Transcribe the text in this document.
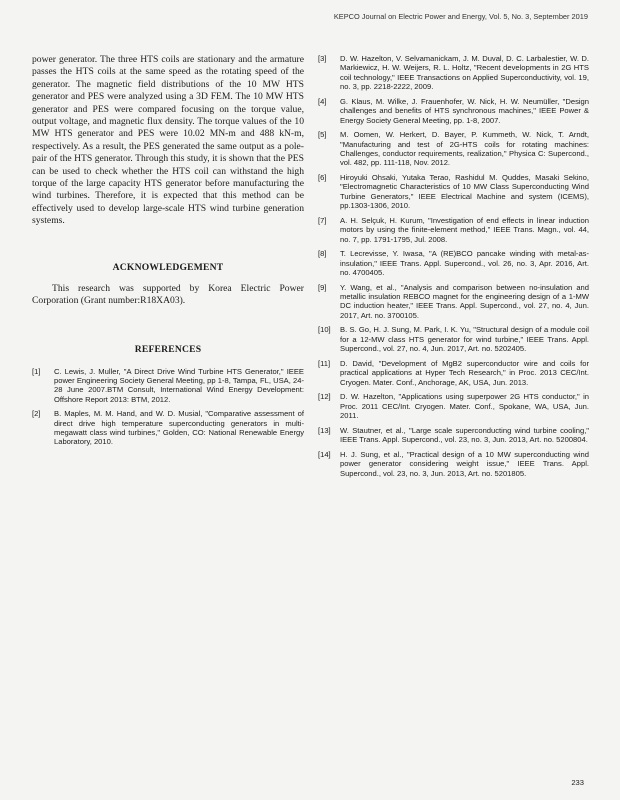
KEPCO Journal on Electric Power and Energy, Vol. 5, No. 3, September 2019

power generator. The three HTS coils are stationary and the armature passes the HTS coils at the same speed as the rotating speed of the generator. The magnetic field distributions of the 10 MW HTS generator and PES were analyzed using a 3D FEM. The 10 MW HTS generator and PES were compared focusing on the torque value, output voltage, and magnetic flux density. The torque values of the 10 MW HTS generator and PES were 10.02 MN-m and 488 kN-m, respectively. As a result, the PES generated the same output as a pole-pair of the HTS generator. Through this study, it is shown that the PES can be used to check whether the HTS coil can withstand the high torque of the large capacity HTS generator before manufacturing the wind turbines. Therefore, it is expected that this method can be effectively used to develop large-scale HTS wind turbine generation systems.

ACKNOWLEDGEMENT

This research was supported by Korea Electric Power Corporation (Grant number:R18XA03).

REFERENCES
[1]	C. Lewis, J. Muller, "A Direct Drive Wind Turbine HTS Generator," IEEE power Engineering Society General Meeting, pp 1-8, Tampa, FL, USA, 24-28 June 2007.BTM Consult, International Wind Energy Development: Offshore Report 2013: BTM, 2012.
[2]	B. Maples, M. M. Hand, and W. D. Musial, "Comparative assessment of direct drive high temperature superconducting generators in multi-megawatt class wind turbines," Golden, CO: National Renewable Energy Laboratory, 2010.
[3]	D. W. Hazelton, V. Selvamanickam, J. M. Duval, D. C. Larbalestier, W. D. Markiewicz, H. W. Weijers, R. L. Holtz, "Recent developments in 2G HTS coil technology," IEEE Transactions on Applied Superconductivity, vol. 19, no. 3, pp. 2218-2222, 2009.
[4]	G. Klaus, M. Wilke, J. Frauenhofer, W. Nick, H. W. Neumüller, "Design challenges and benefits of HTS synchronous machines," IEEE Power & Energy Society General Meeting, pp. 1-8, 2007.
[5]	M. Oomen, W. Herkert, D. Bayer, P. Kummeth, W. Nick, T. Arndt, "Manufacturing and test of 2G-HTS coils for rotating machines: Challenges, conductor requirements, realization," Physica C: Supercond., vol. 482, pp. 111-118, Nov. 2012.
[6]	Hiroyuki Ohsaki, Yutaka Terao, Rashidul M. Quddes, Masaki Sekino, "Electromagnetic Characteristics of 10 MW Class Superconducting Wind Turbine Generators," IEEE Electrical Machine and system (ICEMS), pp.1303-1306, 2010.
[7]	A. H. Selçuk, H. Kurum, "Investigation of end effects in linear induction motors by using the finite-element method," IEEE Trans. Magn., vol. 44, no. 7, pp. 1791-1795, Jul. 2008.
[8]	T. Lecrevisse, Y. Iwasa, "A (RE)BCO pancake winding with metal-as-insulation," IEEE Trans. Appl. Supercond., vol. 26, no. 3, Apr. 2016, Art. no. 4700405.
[9]	Y. Wang, et al., "Analysis and comparison between no-insulation and metallic insulation REBCO magnet for the engineering design of a 1-MW DC induction heater," IEEE Trans. Appl. Supercond., vol. 27, no. 4, Jun. 2017, Art. no. 3700105.
[10]	B. S. Go, H. J. Sung, M. Park, I. K. Yu, "Structural design of a module coil for a 12-MW class HTS generator for wind turbine," IEEE Trans. Appl. Supercond., vol. 27, no. 4, Jun. 2017, Art. no. 5202405.
[11]	D. David, "Development of MgB2 superconductor wire and coils for practical applications at Hyper Tech Research," in Proc. 2013 CEC/Int. Cryogen. Mater. Conf., Anchorage, AK, USA, Jun. 2013.
[12]	D. W. Hazelton, "Applications using superpower 2G HTS conductor," in Proc. 2011 CEC/Int. Cryogen. Mater. Conf., Spokane, WA, USA, Jun. 2011.
[13]	W. Stautner, et al., "Large scale superconducting wind turbine cooling," IEEE Trans. Appl. Supercond., vol. 23, no. 3, Jun. 2013, Art. no. 5200804.
[14]	H. J. Sung, et al., "Practical design of a 10 MW superconducting wind power generator considering weight issue," IEEE Trans. Appl. Supercond., vol. 23, no. 3, Jun. 2013, Art. no. 5201805.
233
